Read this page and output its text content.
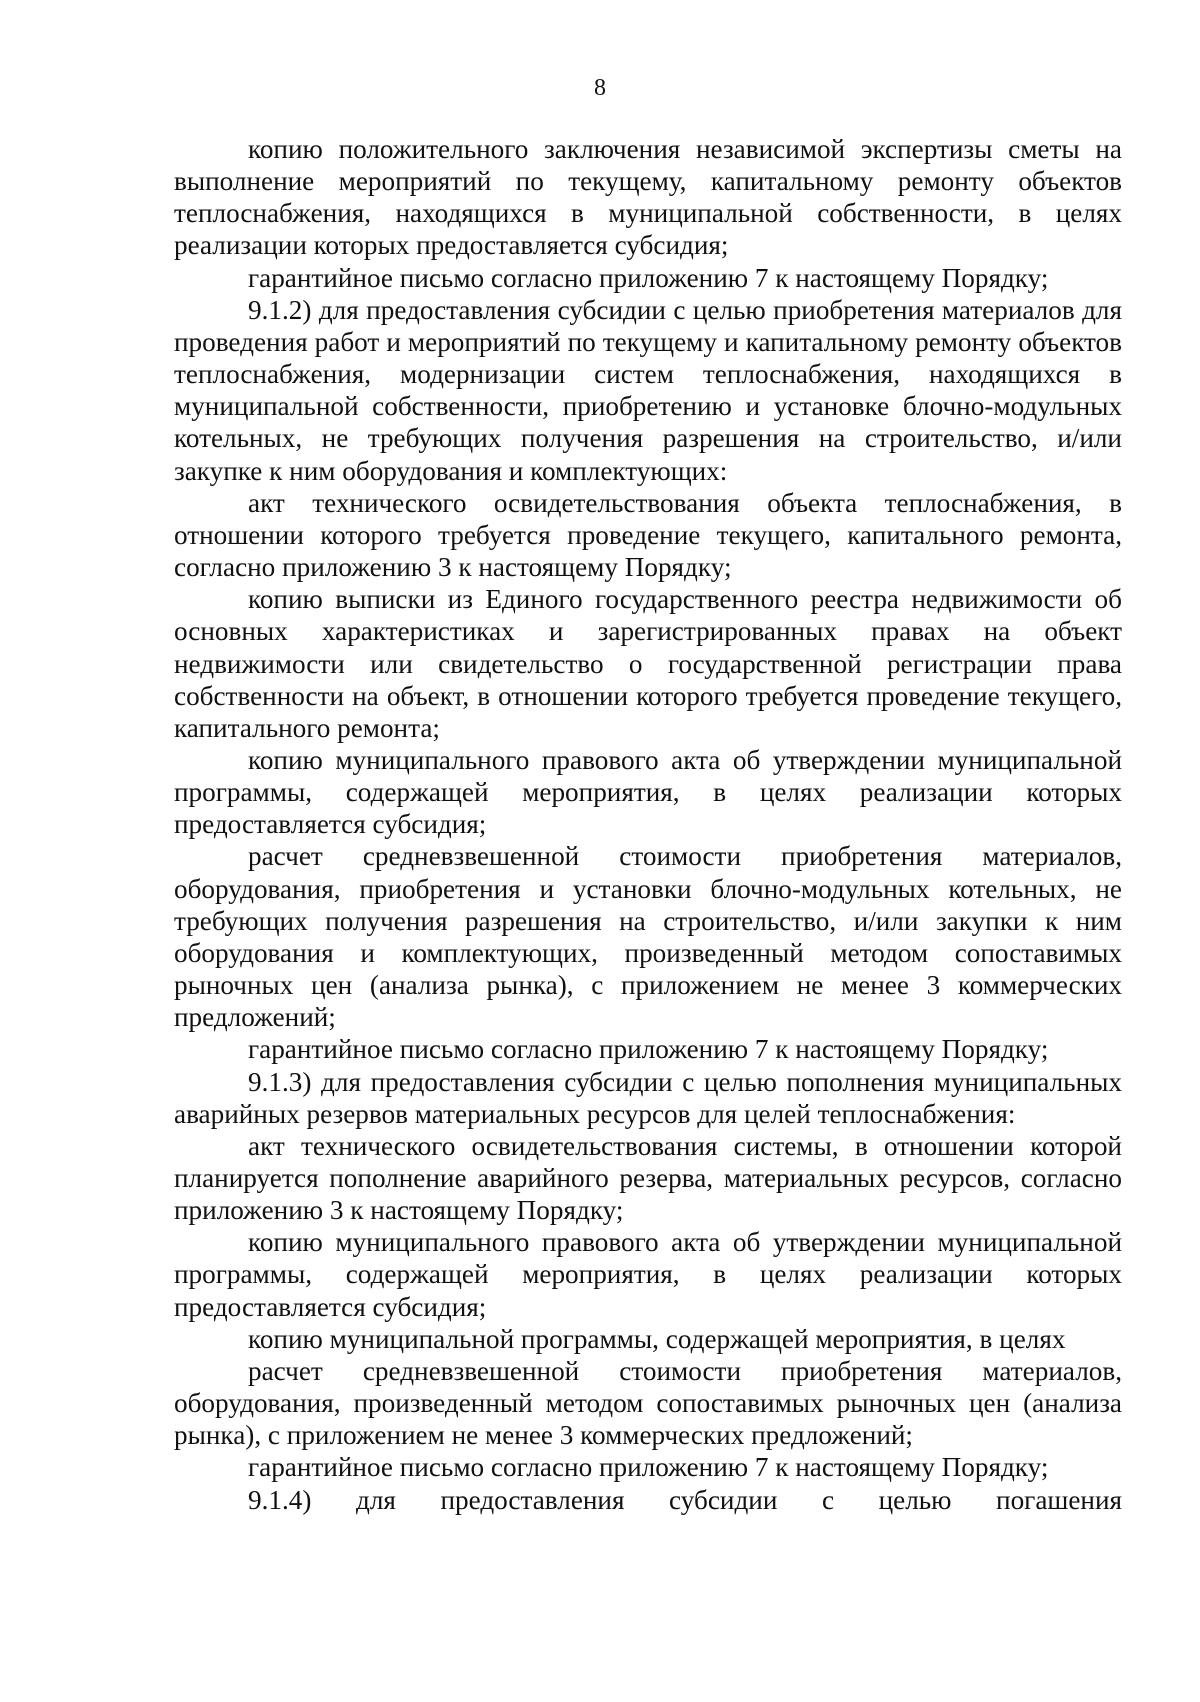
8

копию положительного заключения независимой экспертизы сметы на выполнение мероприятий по текущему, капитальному ремонту объектов теплоснабжения, находящихся в муниципальной собственности, в целях реализации которых предоставляется субсидия;

гарантийное письмо согласно приложению 7 к настоящему Порядку;

9.1.2) для предоставления субсидии с целью приобретения материалов для проведения работ и мероприятий по текущему и капитальному ремонту объектов теплоснабжения, модернизации систем теплоснабжения, находящихся в муниципальной собственности, приобретению и установке блочно-модульных котельных, не требующих получения разрешения на строительство, и/или закупке к ним оборудования и комплектующих:

акт технического освидетельствования объекта теплоснабжения, в отношении которого требуется проведение текущего, капитального ремонта, согласно приложению 3 к настоящему Порядку;

копию выписки из Единого государственного реестра недвижимости об основных характеристиках и зарегистрированных правах на объект недвижимости или свидетельство о государственной регистрации права собственности на объект, в отношении которого требуется проведение текущего, капитального ремонта;

копию муниципального правового акта об утверждении муниципальной программы, содержащей мероприятия, в целях реализации которых предоставляется субсидия;

расчет средневзвешенной стоимости приобретения материалов, оборудования, приобретения и установки блочно-модульных котельных, не требующих получения разрешения на строительство, и/или закупки к ним оборудования и комплектующих, произведенный методом сопоставимых рыночных цен (анализа рынка), с приложением не менее 3 коммерческих предложений;

гарантийное письмо согласно приложению 7 к настоящему Порядку;

9.1.3) для предоставления субсидии с целью пополнения муниципальных аварийных резервов материальных ресурсов для целей теплоснабжения:

акт технического освидетельствования системы, в отношении которой планируется пополнение аварийного резерва, материальных ресурсов, согласно приложению 3 к настоящему Порядку;

копию муниципального правового акта об утверждении муниципальной программы, содержащей мероприятия, в целях реализации которых предоставляется субсидия;

копию муниципальной программы, содержащей мероприятия, в целях

расчет средневзвешенной стоимости приобретения материалов, оборудования, произведенный методом сопоставимых рыночных цен (анализа рынка), с приложением не менее 3 коммерческих предложений;

гарантийное письмо согласно приложению 7 к настоящему Порядку;

9.1.4) для предоставления субсидии с целью погашения
